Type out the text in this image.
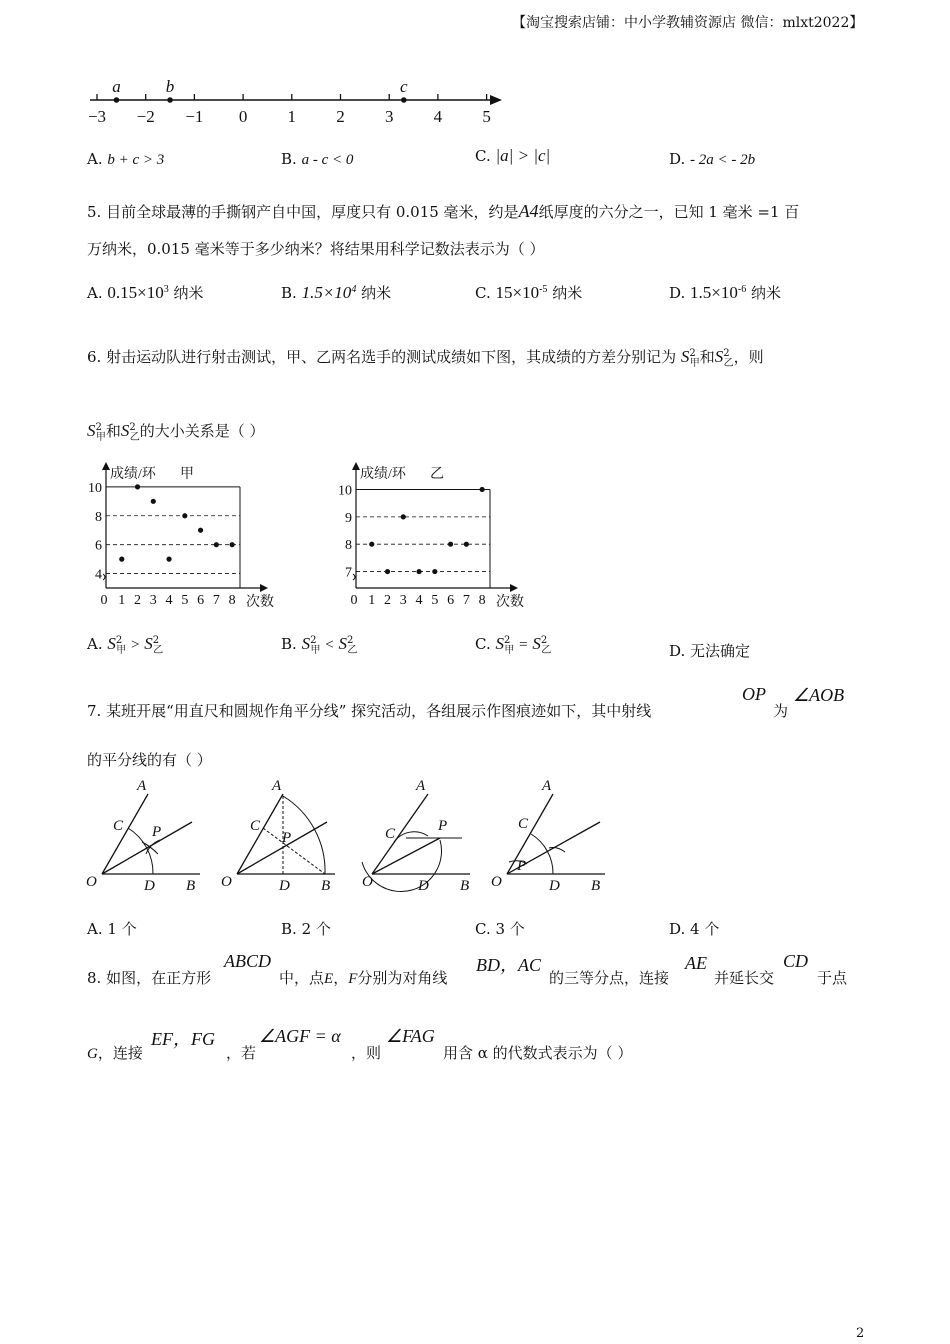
【淘宝搜索店铺：中小学教辅资源店 微信：mlxt2022】
−3 −2 −1 0 1 2 3 4 5
a	b	c
A. b + c > 3	B. a - c < 0	C. |a| > |c|	D. - 2a < - 2b
5. 目前全球最薄的手撕钢产自中国，厚度只有 0.015 毫米，约是A4纸厚度的六分之一，已知 1 毫米 =1 百
万纳米，0.015 毫米等于多少纳米？将结果用科学记数法表示为（ ）
A. $0.15\times 10^3$ 纳米	B. $1.5\times 10^4$ 纳米	C. $15\times 10^{-5}$ 纳米	D. $1.5\times 10^{-6}$ 纳米
6. 射击运动队进行射击测试，甲、乙两名选手的测试成绩如下图，其成绩的方差分别记为 $S^2_甲$和$S^2_乙$，则
$S^2_甲$和$S^2_乙$的大小关系是（ ）
4
6
8
10
0 1 2 3 4 5 6 7 8
成绩/环 甲
次数
7
8
9
10
0 1 2 3 4 5 6 7 8
成绩/环 乙
次数
A. $S^2_甲 > S^2_乙$	B. $S^2_甲 < S^2_乙$	C. $S^2_甲 = S^2_乙$	D. 无法确定
7. 某班开展“用直尺和圆规作角平分线” 探究活动，各组展示作图痕迹如下，其中射线
OP
为
∠AOB
的平分线的有（ ）
A
C P
O	D B
A
C
P
O	D B
A
C	P
O	D B
A
C
P
O	D B
A. 1 个	B. 2 个	C. 3 个	D. 4 个
8. 如图，在正方形
ABCD
中，点E，F分别为对角线
BD，AC
的三等分点，连接
AE
并延长交
CD
于点
G，连接
EF，FG
，若
∠AGF = α
，则
∠FAG
用含 α 的代数式表示为（ ）
2
